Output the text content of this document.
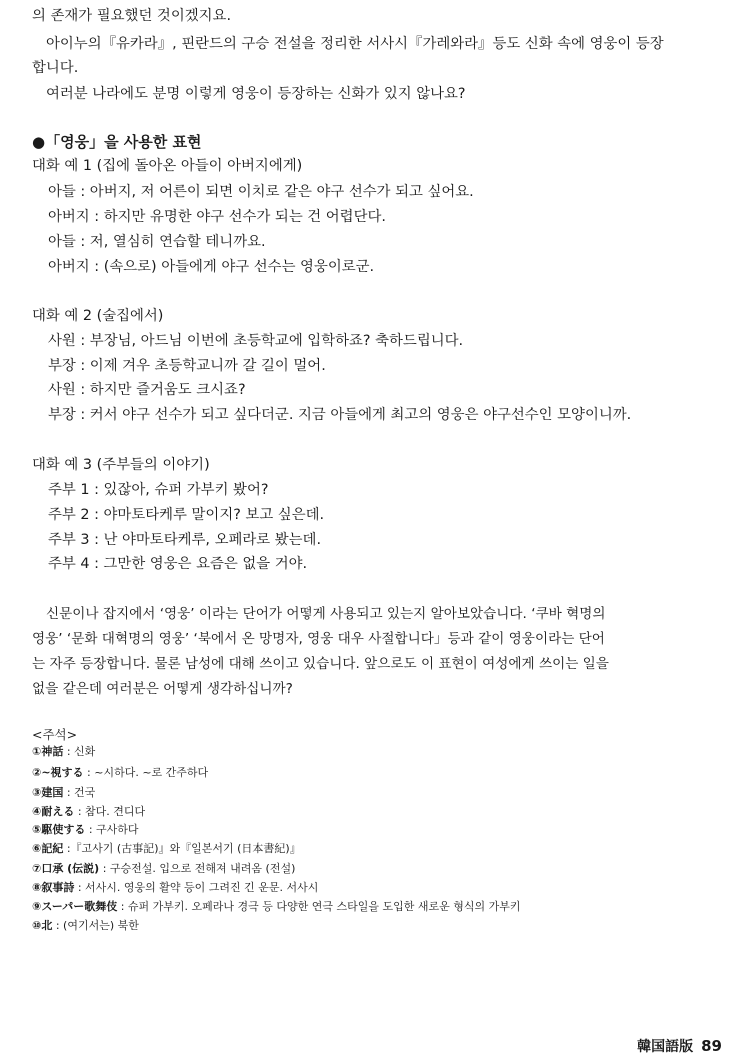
의 존재가 필요했던 것이겠지요.
아이누의『유카라』, 핀란드의 구승 전설을 정리한 서사시『가레와라』등도 신화 속에 영웅이 등장
합니다.
여러분 나라에도 분명 이렇게 영웅이 등장하는 신화가 있지 않나요?
●「영웅」을 사용한 표현
대화 예 1 (집에 돌아온 아들이 아버지에게)
아들 : 아버지, 저 어른이 되면 이치로 같은 야구 선수가 되고 싶어요.
아버지 : 하지만 유명한 야구 선수가 되는 건 어렵단다.
아들 : 저, 열심히 연습할 테니까요.
아버지 : (속으로) 아들에게 야구 선수는 영웅이로군.
대화 예 2 (술집에서)
사원 : 부장님, 아드님 이번에 초등학교에 입학하죠? 축하드립니다.
부장 : 이제 겨우 초등학교니까 갈 길이 멀어.
사원 : 하지만 즐거움도 크시죠?
부장 : 커서 야구 선수가 되고 싶다더군. 지금 아들에게 최고의 영웅은 야구선수인 모양이니까.
대화 예 3 (주부들의 이야기)
주부 1 : 있잖아, 슈퍼 가부키 봤어?
주부 2 : 야마토타케루 말이지? 보고 싶은데.
주부 3 : 난 야마토타케루, 오페라로 봤는데.
주부 4 : 그만한 영웅은 요즘은 없을 거야.
신문이나 잡지에서 ‘영웅’ 이라는 단어가 어떻게 사용되고 있는지 알아보았습니다. ‘쿠바 혁명의
영웅’ ‘문화 대혁명의 영웅’ ‘북에서 온 망명자, 영웅 대우 사절합니다」등과 같이 영웅이라는 단어
는 자주 등장합니다. 물론 남성에 대해 쓰이고 있습니다. 앞으로도 이 표현이 여성에게 쓰이는 일을
없을 같은데 여러분은 어떻게 생각하십니까?
<주석>
①神話 : 신화
②~視する : ~시하다. ~로 간주하다
③建国 : 건국
④耐える : 참다. 견디다
⑤駆使する : 구사하다
⑥記紀 :『고사기 (古事記)』와『일본서기 (日本書紀)』
⑦口承 (伝説) : 구승전설. 입으로 전해져 내려옴 (전설)
⑧叙事詩 : 서사시. 영웅의 활약 등이 그려진 긴 운문. 서사시
⑨スーパー歌舞伎 : 슈퍼 가부키. 오페라나 경극 등 다양한 연극 스타일을 도입한 새로운 형식의 가부키
⑩北 : (여기서는) 북한
韓国語版 89
